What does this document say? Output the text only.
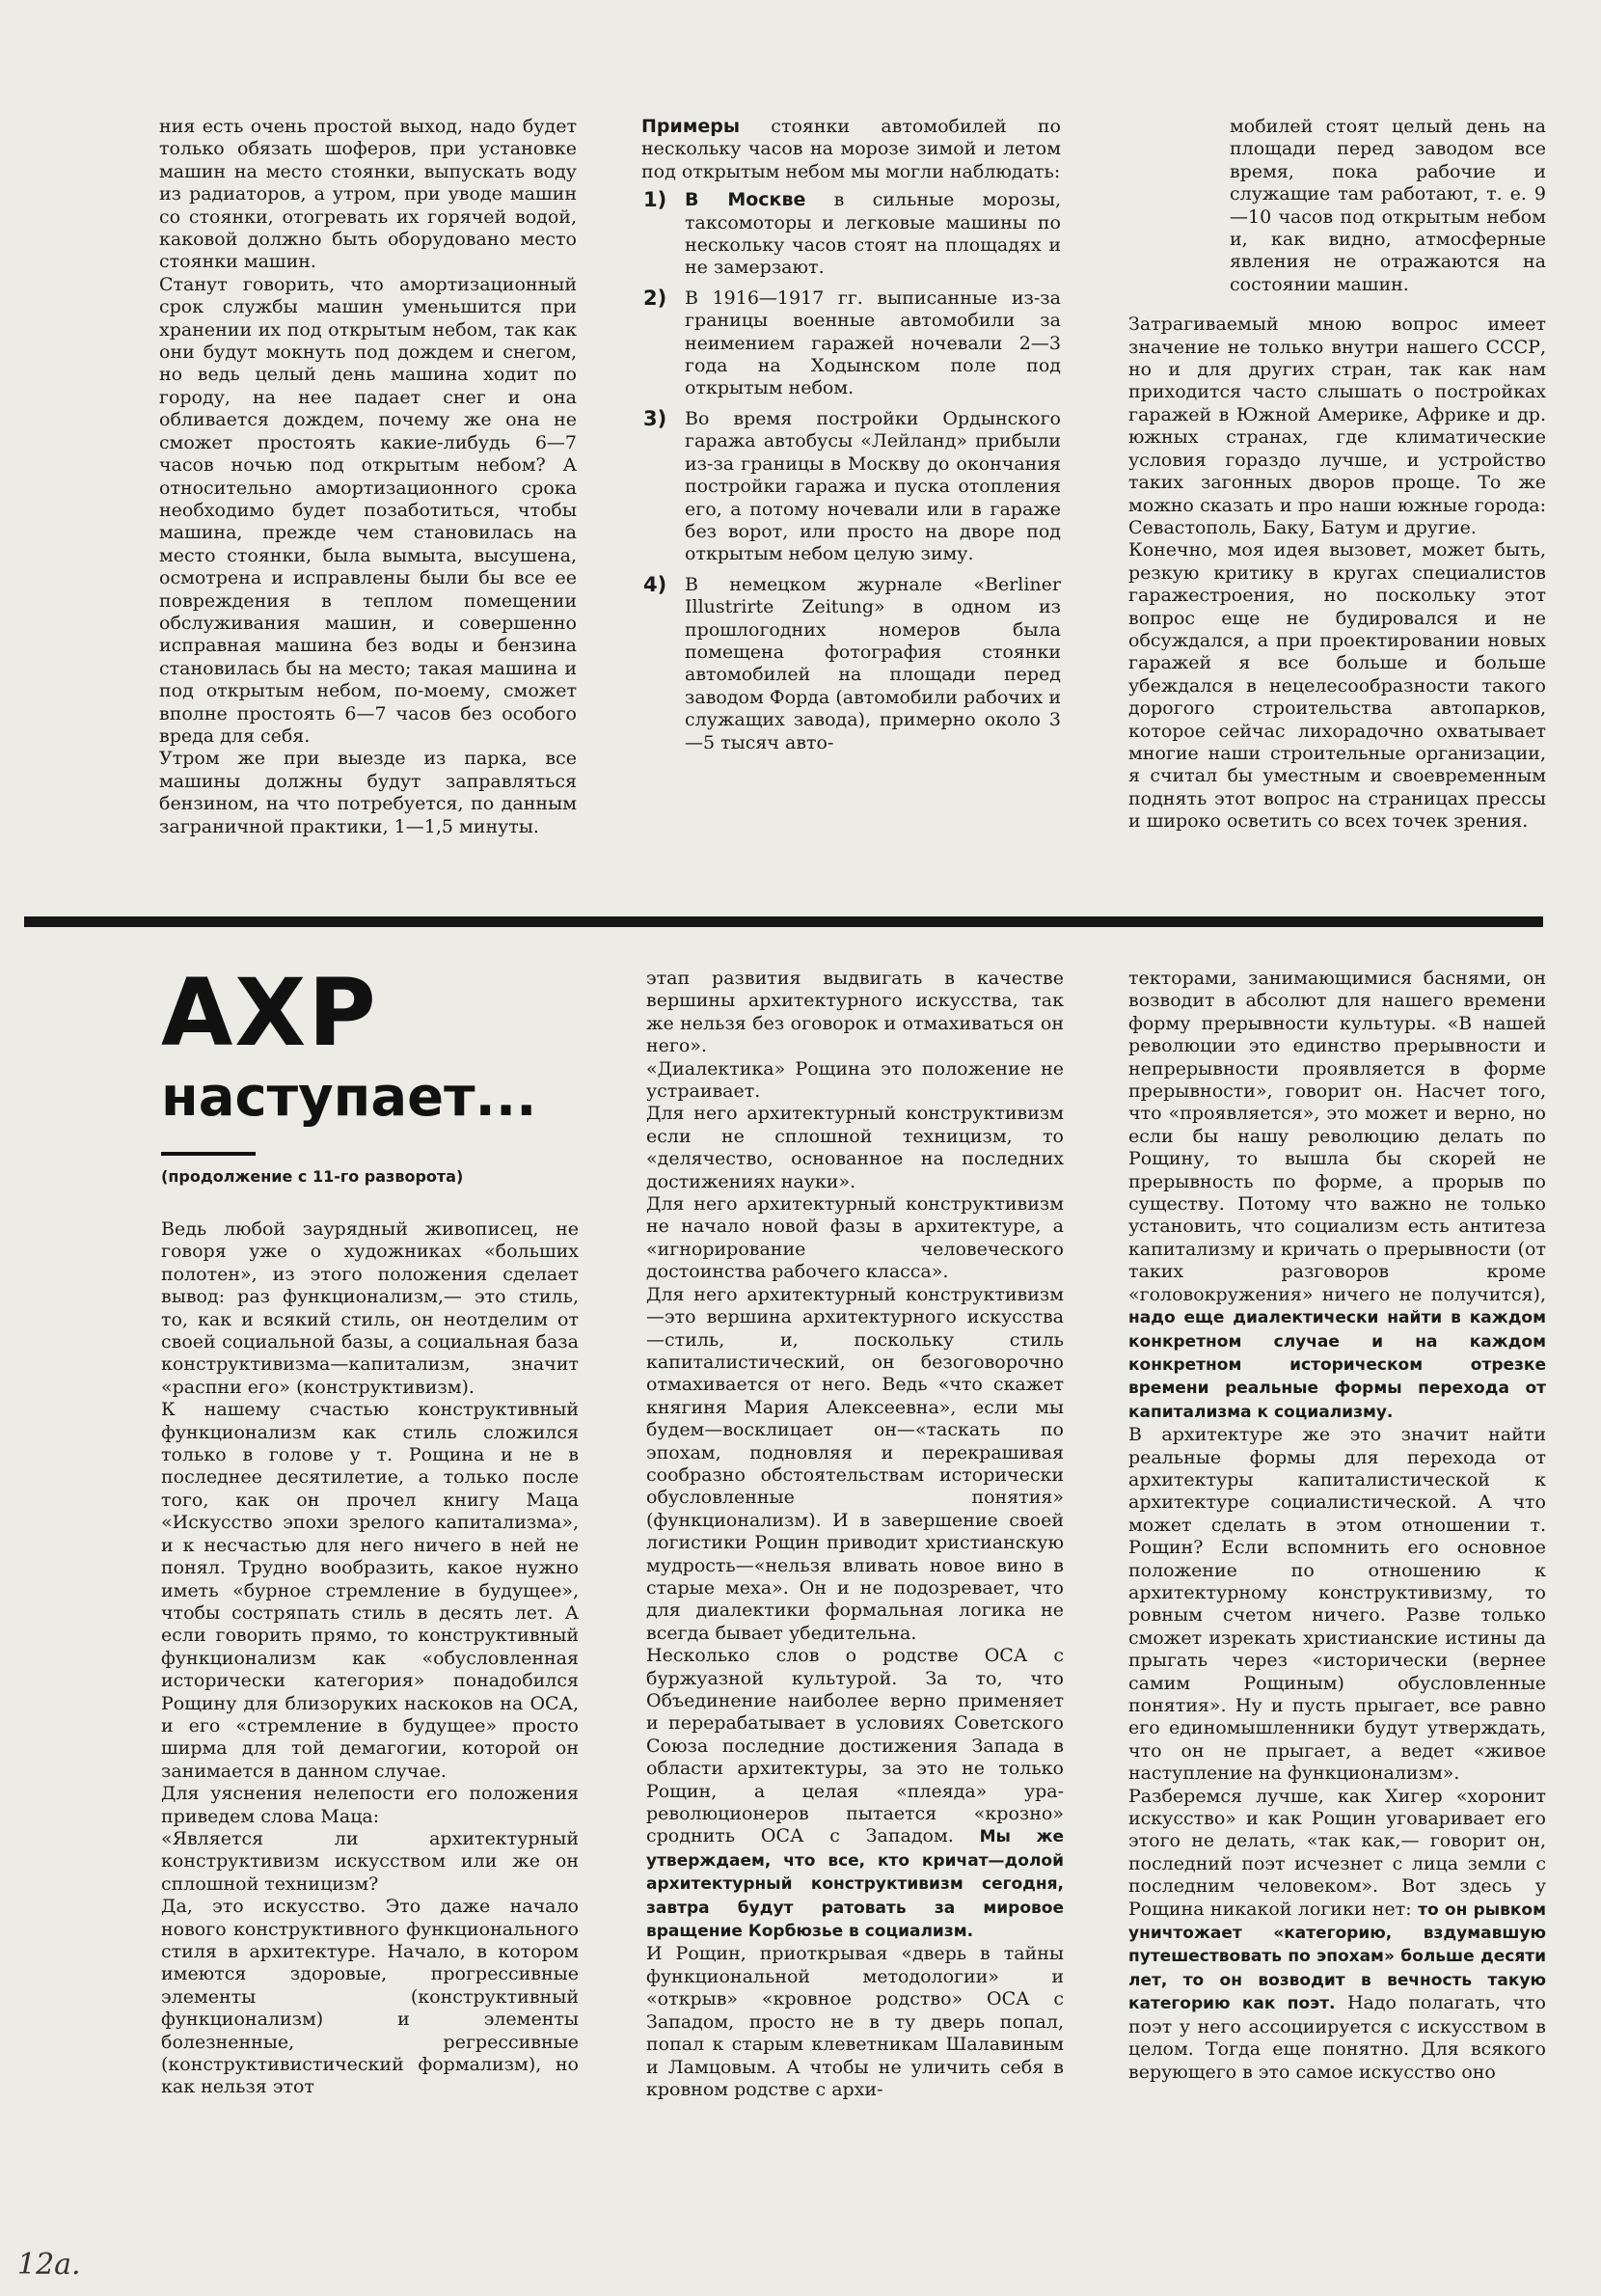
ния есть очень простой выход, надо будет только обязать шоферов, при установке машин на место стоянки, выпускать воду из радиаторов, а утром, при уводе машин со стоянки, отогревать их горячей водой, каковой должно быть оборудовано место стоянки машин.

Станут говорить, что амортизационный срок службы машин уменьшится при хранении их под открытым небом, так как они будут мокнуть под дождем и снегом, но ведь целый день машина ходит по городу, на нее падает снег и она обливается дождем, почему же она не сможет простоять какие-либудь 6—7 часов ночью под открытым небом? А относительно амортизационного срока необходимо будет позаботиться, чтобы машина, прежде чем становилась на место стоянки, была вымыта, высушена, осмотрена и исправлены были бы все ее повреждения в теплом помещении обслуживания машин, и совершенно исправная машина без воды и бензина становилась бы на место; такая машина и под открытым небом, по-моему, сможет вполне простоять 6—7 часов без особого вреда для себя.

Утром же при выезде из парка, все машины должны будут заправляться бензином, на что потребуется, по данным заграничной практики, 1—1,5 минуты.

Примеры стоянки автомобилей по нескольку часов на морозе зимой и летом под открытым небом мы могли наблюдать:

1) В Москве в сильные морозы, таксомоторы и легковые машины по нескольку часов стоят на площадях и не замерзают.
2) В 1916—1917 гг. выписанные из-за границы военные автомобили за неимением гаражей ночевали 2—3 года на Ходынском поле под открытым небом.
3) Во время постройки Ордынского гаража автобусы «Лейланд» прибыли из-за границы в Москву до окончания постройки гаража и пуска отопления его, а потому ночевали или в гараже без ворот, или просто на дворе под открытым небом целую зиму.
4) В немецком журнале «Berliner Illustrirte Zeitung» в одном из прошлогодних номеров была помещена фотография стоянки автомобилей на площади перед заводом Форда (автомобили рабочих и служащих завода), примерно около 3—5 тысяч авто-

мобилей стоят целый день на площади перед заводом все время, пока рабочие и служащие там работают, т. е. 9—10 часов под открытым небом и, как видно, атмосферные явления не отражаются на состоянии машин.

Затрагиваемый мною вопрос имеет значение не только внутри нашего СССР, но и для других стран, так как нам приходится часто слышать о постройках гаражей в Южной Америке, Африке и др. южных странах, где климатические условия гораздо лучше, и устройство таких загонных дворов проще. То же можно сказать и про наши южные города: Севастополь, Баку, Батум и другие.

Конечно, моя идея вызовет, может быть, резкую критику в кругах специалистов гаражестроения, но поскольку этот вопрос еще не будировался и не обсуждался, а при проектировании новых гаражей я все больше и больше убеждался в нецелесообразности такого дорогого строительства автопарков, которое сейчас лихорадочно охватывает многие наши строительные организации, я считал бы уместным и своевременным поднять этот вопрос на страницах прессы и широко осветить со всех точек зрения.

АХР
наступает...
(продолжение с 11-го разворота)

Ведь любой заурядный живописец, не говоря уже о художниках «больших полотен», из этого положения сделает вывод: раз функционализм,— это стиль, то, как и всякий стиль, он неотделим от своей социальной базы, а социальная база конструктивизма—капитализм, значит «распни его» (конструктивизм).

К нашему счастью конструктивный функционализм как стиль сложился только в голове у т. Рощина и не в последнее десятилетие, а только после того, как он прочел книгу Маца «Искусство эпохи зрелого капитализма», и к несчастью для него ничего в ней не понял. Трудно вообразить, какое нужно иметь «бурное стремление в будущее», чтобы состряпать стиль в десять лет. А если говорить прямо, то конструктивный функционализм как «обусловленная исторически категория» понадобился Рощину для близоруких наскоков на ОСА, и его «стремление в будущее» просто ширма для той демагогии, которой он занимается в данном случае.

Для уяснения нелепости его положения приведем слова Маца:

«Является ли архитектурный конструктивизм искусством или же он сплошной техницизм?

Да, это искусство. Это даже начало нового конструктивного функционального стиля в архитектуре. Начало, в котором имеются здоровые, прогрессивные элементы (конструктивный функционализм) и элементы болезненные, регрессивные (конструктивистический формализм), но как нельзя этот

этап развития выдвигать в качестве вершины архитектурного искусства, так же нельзя без оговорок и отмахиваться он него».

«Диалектика» Рощина это положение не устраивает.

Для него архитектурный конструктивизм если не сплошной техницизм, то «делячество, основанное на последних достижениях науки».

Для него архитектурный конструктивизм не начало новой фазы в архитектуре, а «игнорирование человеческого достоинства рабочего класса».

Для него архитектурный конструктивизм—это вершина архитектурного искусства—стиль, и, поскольку стиль капиталистический, он безоговорочно отмахивается от него. Ведь «что скажет княгиня Мария Алексеевна», если мы будем—восклицает он—«таскать по эпохам, подновляя и перекрашивая сообразно обстоятельствам исторически обусловленные понятия» (функционализм). И в завершение своей логистики Рощин приводит христианскую мудрость—«нельзя вливать новое вино в старые меха». Он и не подозревает, что для диалектики формальная логика не всегда бывает убедительна.

Несколько слов о родстве ОСА с буржуазной культурой. За то, что Объединение наиболее верно применяет и перерабатывает в условиях Советского Союза последние достижения Запада в области архитектуры, за это не только Рощин, а целая «плеяда» ура-революционеров пытается «крозно» сроднить ОСА с Западом. Мы же утверждаем, что все, кто кричат—долой архитектурный конструктивизм сегодня, завтра будут ратовать за мировое вращение Корбюзье в социализм.

И Рощин, приоткрывая «дверь в тайны функциональной методологии» и «открыв» «кровное родство» ОСА с Западом, просто не в ту дверь попал, попал к старым клеветникам Шалавиным и Ламцовым. А чтобы не уличить себя в кровном родстве с архи-

текторами, занимающимися баснями, он возводит в абсолют для нашего времени форму прерывности культуры. «В нашей революции это единство прерывности и непрерывности проявляется в форме прерывности», говорит он. Насчет того, что «проявляется», это может и верно, но если бы нашу революцию делать по Рощину, то вышла бы скорей не прерывность по форме, а прорыв по существу. Потому что важно не только установить, что социализм есть антитеза капитализму и кричать о прерывности (от таких разговоров кроме «головокружения» ничего не получится), надо еще диалектически найти в каждом конкретном случае и на каждом конкретном историческом отрезке времени реальные формы перехода от капитализма к социализму.

В архитектуре же это значит найти реальные формы для перехода от архитектуры капиталистической к архитектуре социалистической. А что может сделать в этом отношении т. Рощин? Если вспомнить его основное положение по отношению к архитектурному конструктивизму, то ровным счетом ничего. Разве только сможет изрекать христианские истины да прыгать через «исторически (вернее самим Рощиным) обусловленные понятия». Ну и пусть прыгает, все равно его единомышленники будут утверждать, что он не прыгает, а ведет «живое наступление на функционализм».

Разберемся лучше, как Хигер «хоронит искусство» и как Рощин уговаривает его этого не делать, «так как,— говорит он, последний поэт исчезнет с лица земли с последним человеком». Вот здесь у Рощина никакой логики нет: то он рывком уничтожает «категорию, вздумавшую путешествовать по эпохам» больше десяти лет, то он возводит в вечность такую категорию как поэт. Надо полагать, что поэт у него ассоциируется с искусством в целом. Тогда еще понятно. Для всякого верующего в это самое искусство оно

12а.
